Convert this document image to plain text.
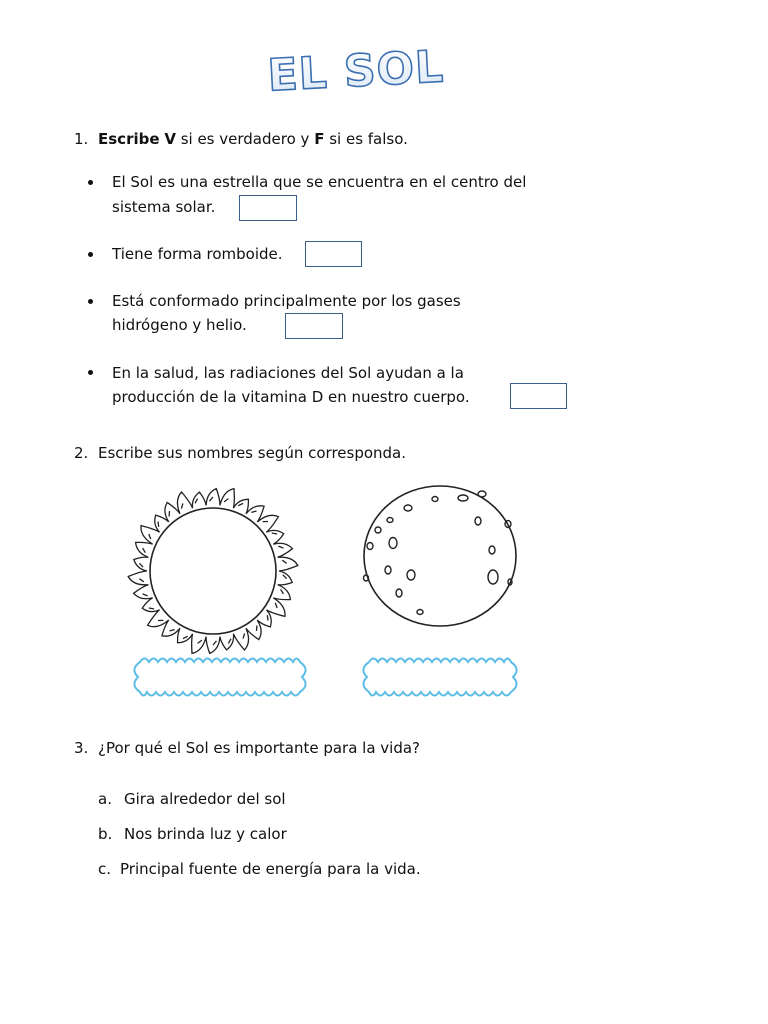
EL SOL
1. Escribe V si es verdadero y F si es falso.
El Sol es una estrella que se encuentra en el centro del
sistema solar.
Tiene forma romboide.
Está conformado principalmente por los gases
hidrógeno y helio.
En la salud, las radiaciones del Sol ayudan a la
producción de la vitamina D en nuestro cuerpo.
2. Escribe sus nombres según corresponda.
3. ¿Por qué el Sol es importante para la vida?
a. Gira alrededor del sol
b. Nos brinda luz y calor
c. Principal fuente de energía para la vida.
